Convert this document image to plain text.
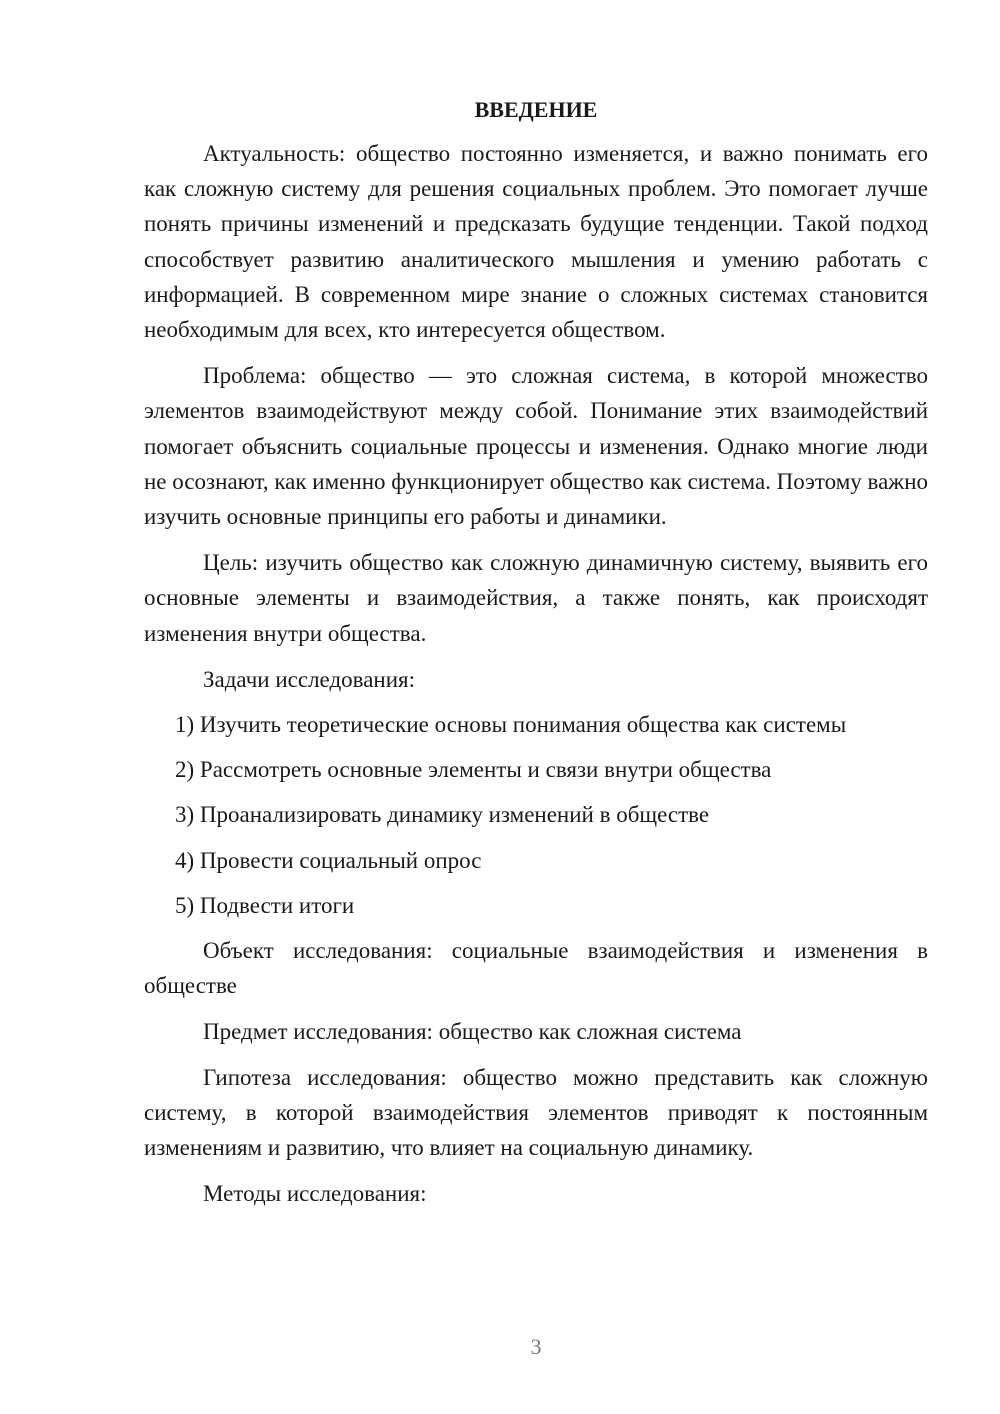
ВВЕДЕНИЕ

Актуальность: общество постоянно изменяется, и важно понимать его как сложную систему для решения социальных проблем. Это помогает лучше понять причины изменений и предсказать будущие тенденции. Такой подход способствует развитию аналитического мышления и умению работать с информацией. В современном мире знание о сложных системах становится необходимым для всех, кто интересуется обществом.

Проблема: общество — это сложная система, в которой множество элементов взаимодействуют между собой. Понимание этих взаимодействий помогает объяснить социальные процессы и изменения. Однако многие люди не осознают, как именно функционирует общество как система. Поэтому важно изучить основные принципы его работы и динамики.

Цель: изучить общество как сложную динамичную систему, выявить его основные элементы и взаимодействия, а также понять, как происходят изменения внутри общества.

Задачи исследования:

1) Изучить теоретические основы понимания общества как системы

2) Рассмотреть основные элементы и связи внутри общества

3) Проанализировать динамику изменений в обществе

4) Провести социальный опрос

5) Подвести итоги

Объект исследования: социальные взаимодействия и изменения в обществе

Предмет исследования: общество как сложная система

Гипотеза исследования: общество можно представить как сложную систему, в которой взаимодействия элементов приводят к постоянным изменениям и развитию, что влияет на социальную динамику.

Методы исследования:

3
